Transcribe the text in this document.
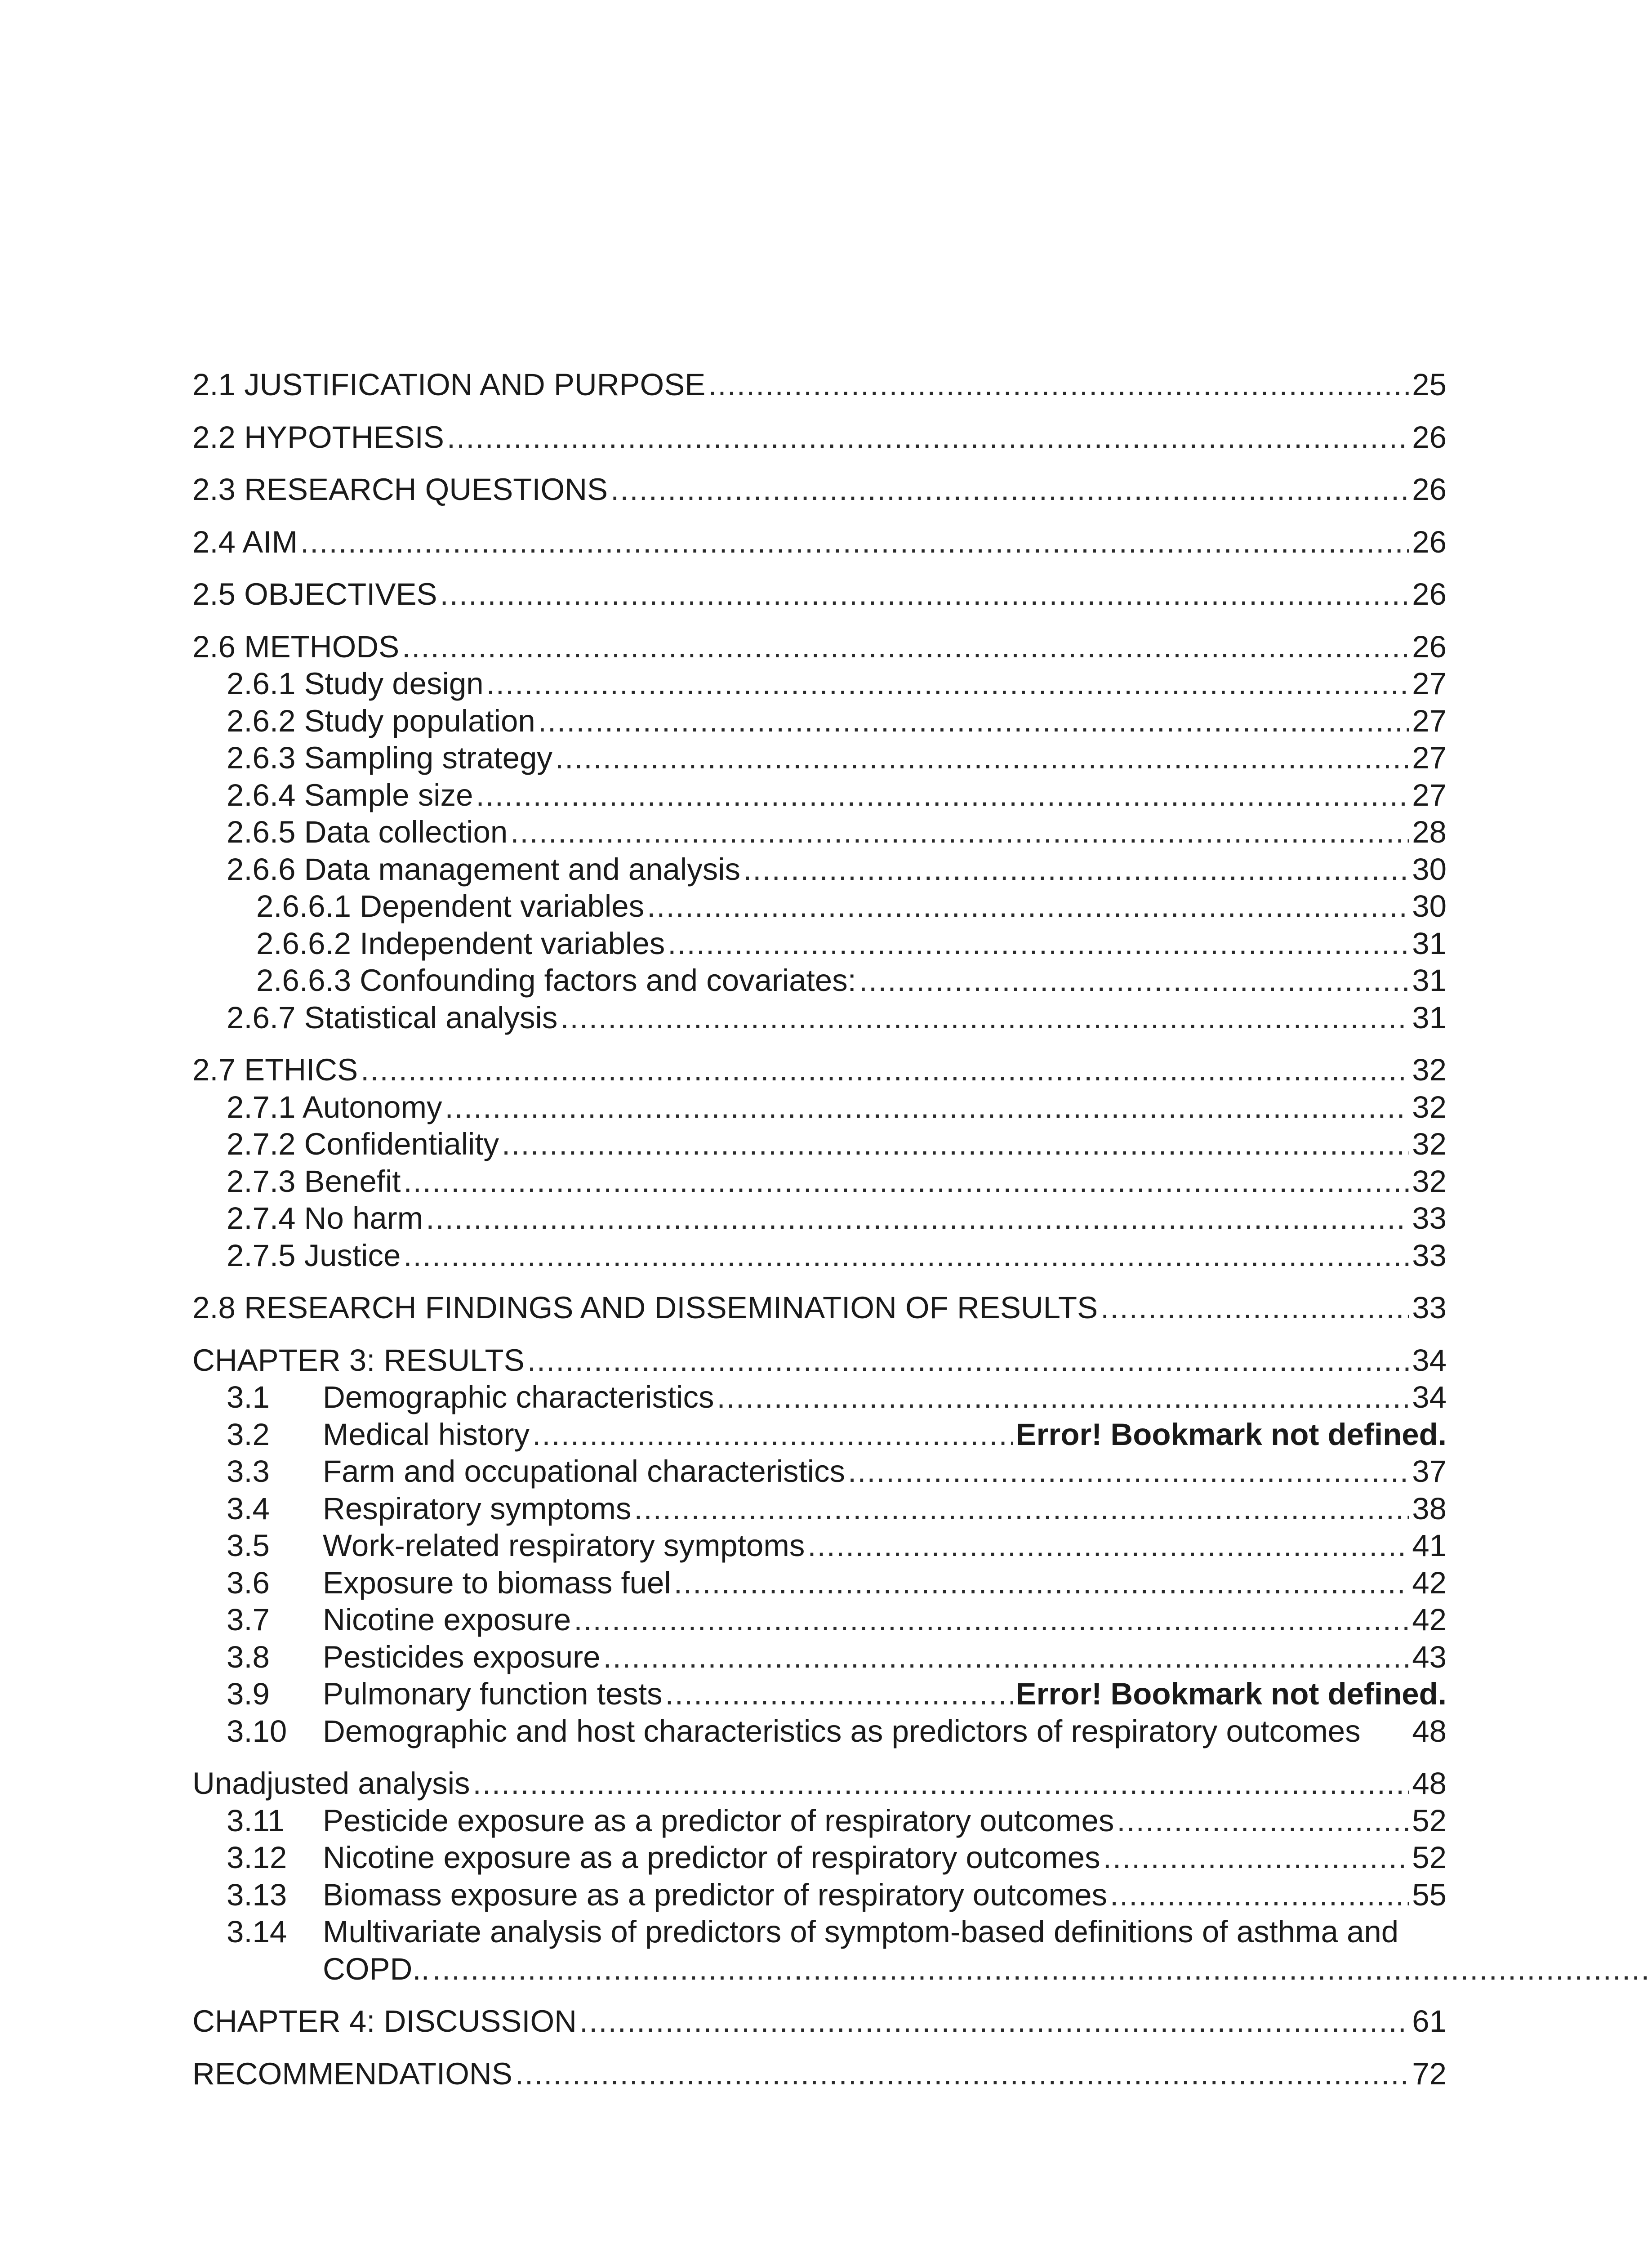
2.1 JUSTIFICATION AND PURPOSE .....	25
2.2 HYPOTHESIS .....	26
2.3 RESEARCH QUESTIONS .....	26
2.4 AIM .....	26
2.5 OBJECTIVES .....	26
2.6 METHODS .....	26
2.6.1 Study design .....	27
2.6.2 Study population .....	27
2.6.3 Sampling strategy .....	27
2.6.4 Sample size .....	27
2.6.5 Data collection .....	28
2.6.6 Data management and analysis .....	30
2.6.6.1 Dependent variables .....	30
2.6.6.2 Independent variables .....	31
2.6.6.3 Confounding factors and covariates: .....	31
2.6.7 Statistical analysis .....	31
2.7 ETHICS .....	32
2.7.1 Autonomy .....	32
2.7.2 Confidentiality .....	32
2.7.3 Benefit .....	32
2.7.4 No harm .....	33
2.7.5 Justice .....	33
2.8 RESEARCH FINDINGS AND DISSEMINATION OF RESULTS .....	33
CHAPTER 3: RESULTS .....	34
3.1	Demographic characteristics .....	34
3.2	Medical history .....	Error! Bookmark not defined.
3.3	Farm and occupational characteristics .....	37
3.4	Respiratory symptoms .....	38
3.5	Work-related respiratory symptoms .....	41
3.6	Exposure to biomass fuel .....	42
3.7	Nicotine exposure .....	42
3.8	Pesticides exposure .....	43
3.9	Pulmonary function tests .....	Error! Bookmark not defined.
3.10	Demographic and host characteristics as predictors of respiratory outcomes 48
Unadjusted analysis .....	48
3.11	Pesticide exposure as a predictor of respiratory outcomes .....	52
3.12	Nicotine exposure as a predictor of respiratory outcomes .....	52
3.13	Biomass exposure as a predictor of respiratory outcomes .....	55
3.14	Multivariate analysis of predictors of symptom-based definitions of asthma and
COPD..
.....
CHAPTER 4: DISCUSSION .....	61
RECOMMENDATIONS .....	72
